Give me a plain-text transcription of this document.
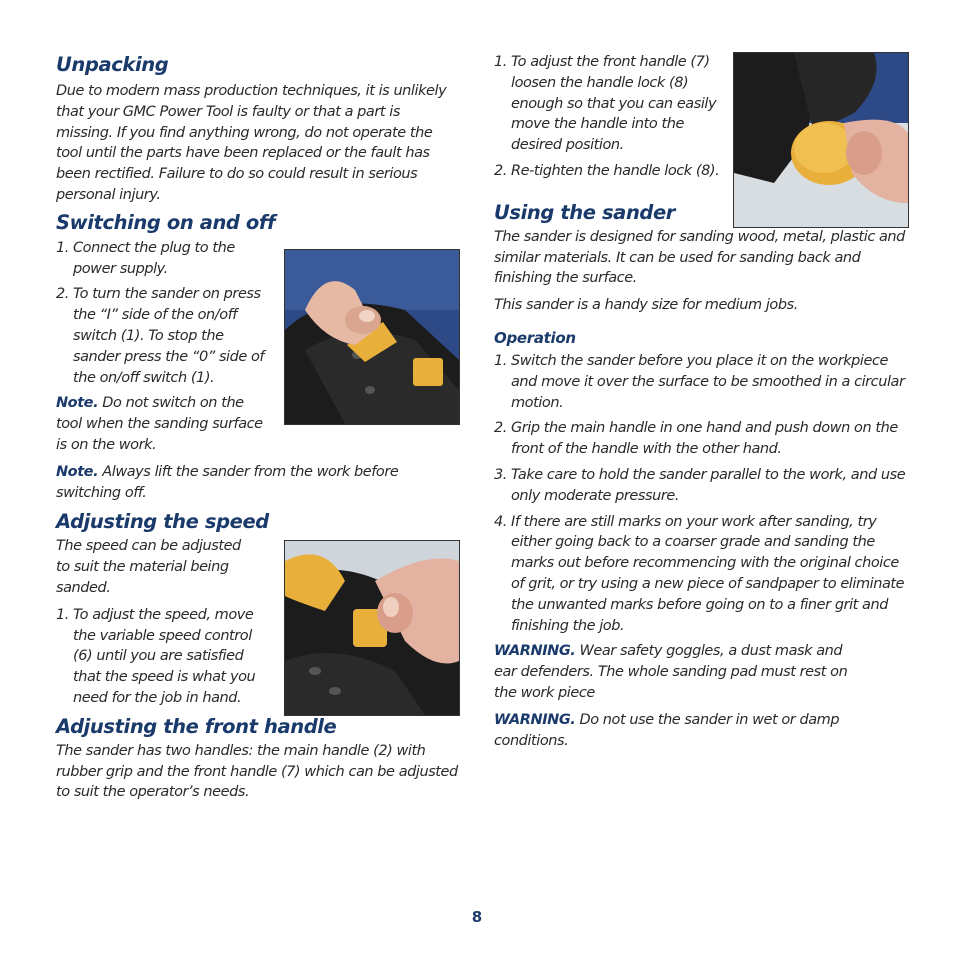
Unpacking

Due to modern mass production techniques, it is unlikely that your GMC Power Tool is faulty or that a part is missing. If you find anything wrong, do not operate the tool until the parts have been replaced or the fault has been rectified. Failure to do so could result in serious personal injury.

Switching on and off
1. Connect the plug to the power supply.
2. To turn the sander on press the “I” side of the on/off switch (1). To stop the sander press the “0” side of the on/off switch (1).

Note. Do not switch on the tool when the sanding surface is on the work.

Note. Always lift the sander from the work before switching off.

Adjusting the speed

The speed can be adjusted to suit the material being sanded.

1. To adjust the speed, move the variable speed control (6) until you are satisfied that the speed is what you need for the job in hand.
Adjusting the front handle

The sander has two handles: the main handle (2) with rubber grip and the front handle (7) which can be adjusted to suit the operator’s needs.

1. To adjust the front handle (7) loosen the handle lock (8) enough so that you can easily move the handle into the desired position.
2. Re-tighten the handle lock (8).
Using the sander

The sander is designed for sanding wood, metal, plastic and similar materials. It can be used for sanding back and finishing the surface.

This sander is a handy size for medium jobs.

Operation
1. Switch the sander before you place it on the workpiece and move it over the surface to be smoothed in a circular motion.
2. Grip the main handle in one hand and push down on the front of the handle with the other hand.
3. Take care to hold the sander parallel to the work, and use only moderate pressure.
4. If there are still marks on your work after sanding, try either going back to a coarser grade and sanding the marks out before recommencing with the original choice of grit, or try using a new piece of sandpaper to eliminate the unwanted marks before going on to a finer grit and finishing the job.

WARNING. Wear safety goggles, a dust mask and ear defenders. The whole sanding pad must rest on the work piece

WARNING. Do not use the sander in wet or damp conditions.

8
